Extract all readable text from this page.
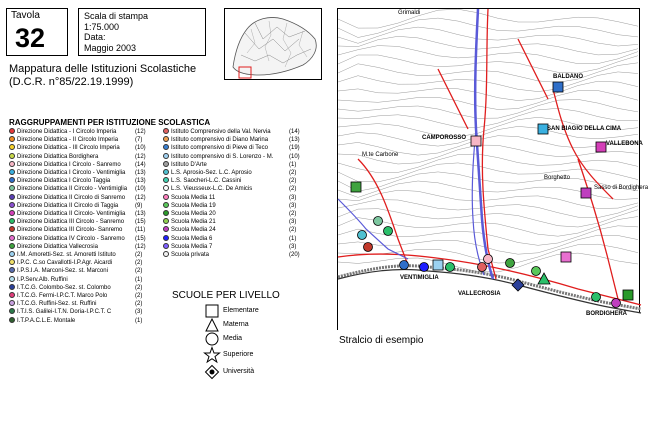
Tavola
32
Scala di stampa
1:75.000
Data:
Maggio 2003
Mappatura delle Istituzioni Scolastiche
(D.C.R. n°85/22.19.1999)
RAGGRUPPAMENTI PER ISTITUZIONE SCOLASTICA
Direzione Didattica - I Circolo Imperia	(12)
Direzione Didattica - II Circolo Imperia	(7)
Direzione Didattica - III Circolo Imperia	(10)
Direzione Didattica Bordighera	(12)
Direzione Didattica I Circolo - Sanremo (14)
Direzione Didattica I Circolo - Ventimiglia (13)
Direzione Didattica I Circolo Taggia	(13)
Direzione Didattica II Circolo - Ventimiglia (10)
Direzione Didattica II Circolo di Sanremo (12)
Direzione Didattica II Circolo di Taggia	(9)
Direzione Didattica II Circolo- Ventimiglia (13)
Direzione Didattica III Circolo - Sanremo (15)
Direzione Didattica III Circolo- Sanremo (11)
Direzione Didattica IV Circolo - Sanremo (15)
Direzione Didattica Vallecrosia	(12)
I.M. Amoretti-Sez. st. Amoretti Istituto	(2)
I.P.C. C.so Cavallotti-I.P.Agr. Aicardi	(2)
I.P.S.I.A. Marconi-Sez. st. Marconi	(2)
I.P.Serv.Alb. Ruffini	(1)
I.T.C.G. Colombo-Sez. st. Colombo	(2)
I.T.C.G. Fermi-I.P.C.T. Marco Polo	(2)
I.T.C.G. Ruffini-Sez. st. Ruffini	(2)
I.T.I.S. Galilei-I.T.N. Doria-I.P.C.T. C	(3)
I.T.P.A.C.L.E. Montale	(1)
Istituto Comprensivo della Val. Nervia	(14)
Istituto comprensivo di Diano Marina	(13)
Istituto comprensivo di Pieve di Teco	(19)
Istituto comprensivo di S. Lorenzo - M.	(10)
Istituto D'Arte	(1)
L.S. Aprosio-Sez. L.C. Aprosio	(2)
L.S. Saocheri-L.C. Cassini	(2)
L.S. Vieusseux-L.C. De Amicis	(2)
Scuola Media 11	(3)
Scuola Media 19	(3)
Scuola Media 20	(2)
Scuola Media 21	(3)
Scuola Media 24	(2)
Scuola Media 6	(1)
Scuola Media 7	(3)
Scuola privata	(20)
SCUOLE PER LIVELLO
Elementare
Materna
Media
Superiore
Università
BALDANO
CAMPOROSSO
SAN BIAGIO DELLA CIMA
VALLEBONA
M.te Carbone
BORDIGHERA
VENTIMIGLIA
VALLECROSIA
Sasso di Bordighera
Borghetto
Grimaldi
Stralcio di esempio
